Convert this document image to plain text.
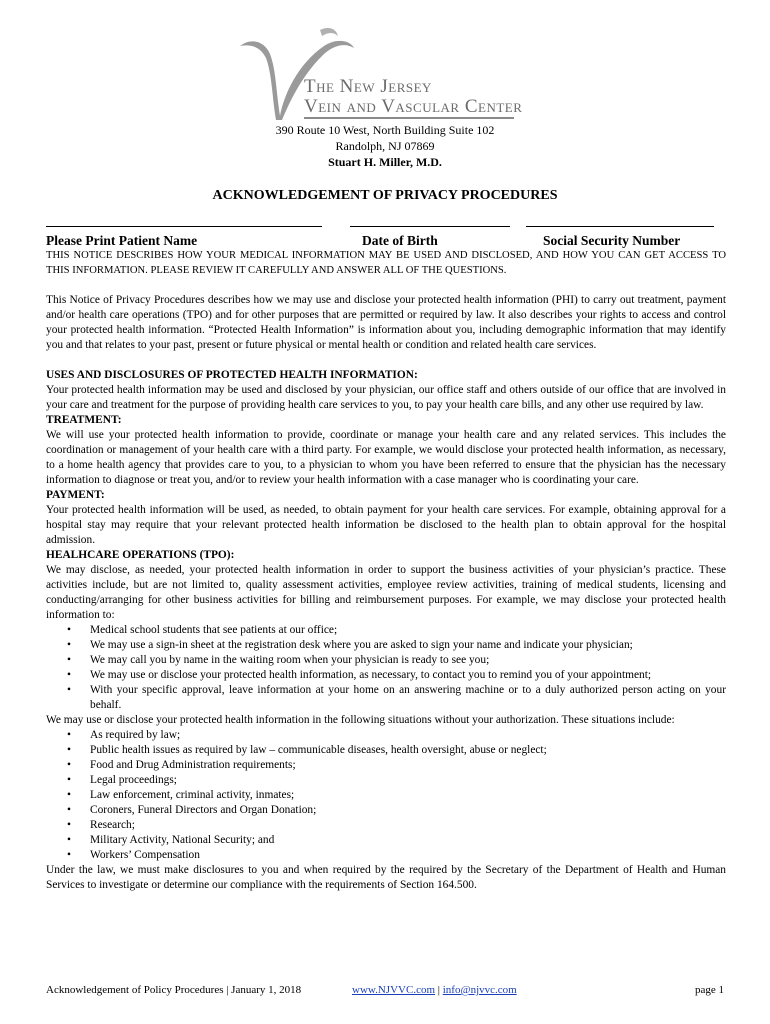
The New Jersey
Vein and Vascular Center
390 Route 10 West, North Building Suite 102
Randolph, NJ 07869
Stuart H. Miller, M.D.
ACKNOWLEDGEMENT OF PRIVACY PROCEDURES
Please Print Patient Name	Date of Birth	Social Security Number

THIS NOTICE DESCRIBES HOW YOUR MEDICAL INFORMATION MAY BE USED AND DISCLOSED, AND HOW YOU CAN GET ACCESS TO THIS INFORMATION. PLEASE REVIEW IT CAREFULLY AND ANSWER ALL OF THE QUESTIONS.

This Notice of Privacy Procedures describes how we may use and disclose your protected health information (PHI) to carry out treatment, payment and/or health care operations (TPO) and for other purposes that are permitted or required by law. It also describes your rights to access and control your protected health information. “Protected Health Information” is information about you, including demographic information that may identify you and that relates to your past, present or future physical or mental health or condition and related health care services.

USES AND DISCLOSURES OF PROTECTED HEALTH INFORMATION:

Your protected health information may be used and disclosed by your physician, our office staff and others outside of our office that are involved in your care and treatment for the purpose of providing health care services to you, to pay your health care bills, and any other use required by law.

TREATMENT:

We will use your protected health information to provide, coordinate or manage your health care and any related services. This includes the coordination or management of your health care with a third party. For example, we would disclose your protected health information, as necessary, to a home health agency that provides care to you, to a physician to whom you have been referred to ensure that the physician has the necessary information to diagnose or treat you, and/or to review your health information with a case manager who is coordinating your care.

PAYMENT:

Your protected health information will be used, as needed, to obtain payment for your health care services. For example, obtaining approval for a hospital stay may require that your relevant protected health information be disclosed to the health plan to obtain approval for the hospital admission.

HEALHCARE OPERATIONS (TPO):

We may disclose, as needed, your protected health information in order to support the business activities of your physician’s practice. These activities include, but are not limited to, quality assessment activities, employee review activities, training of medical students, licensing and conducting/arranging for other business activities for billing and reimbursement purposes. For example, we may disclose your protected health information to:

• Medical school students that see patients at our office;
• We may use a sign-in sheet at the registration desk where you are asked to sign your name and indicate your physician;
• We may call you by name in the waiting room when your physician is ready to see you;
• We may use or disclose your protected health information, as necessary, to contact you to remind you of your appointment;
• With your specific approval, leave information at your home on an answering machine or to a duly authorized person acting on your behalf.

We may use or disclose your protected health information in the following situations without your authorization. These situations include:

• As required by law;
• Public health issues as required by law – communicable diseases, health oversight, abuse or neglect;
• Food and Drug Administration requirements;
• Legal proceedings;
• Law enforcement, criminal activity, inmates;
• Coroners, Funeral Directors and Organ Donation;
• Research;
• Military Activity, National Security; and
• Workers’ Compensation

Under the law, we must make disclosures to you and when required by the required by the Secretary of the Department of Health and Human Services to investigate or determine our compliance with the requirements of Section 164.500.

Acknowledgement of Policy Procedures | January 1, 2018	www.NJVVC.com | info@njvvc.com	page 1
